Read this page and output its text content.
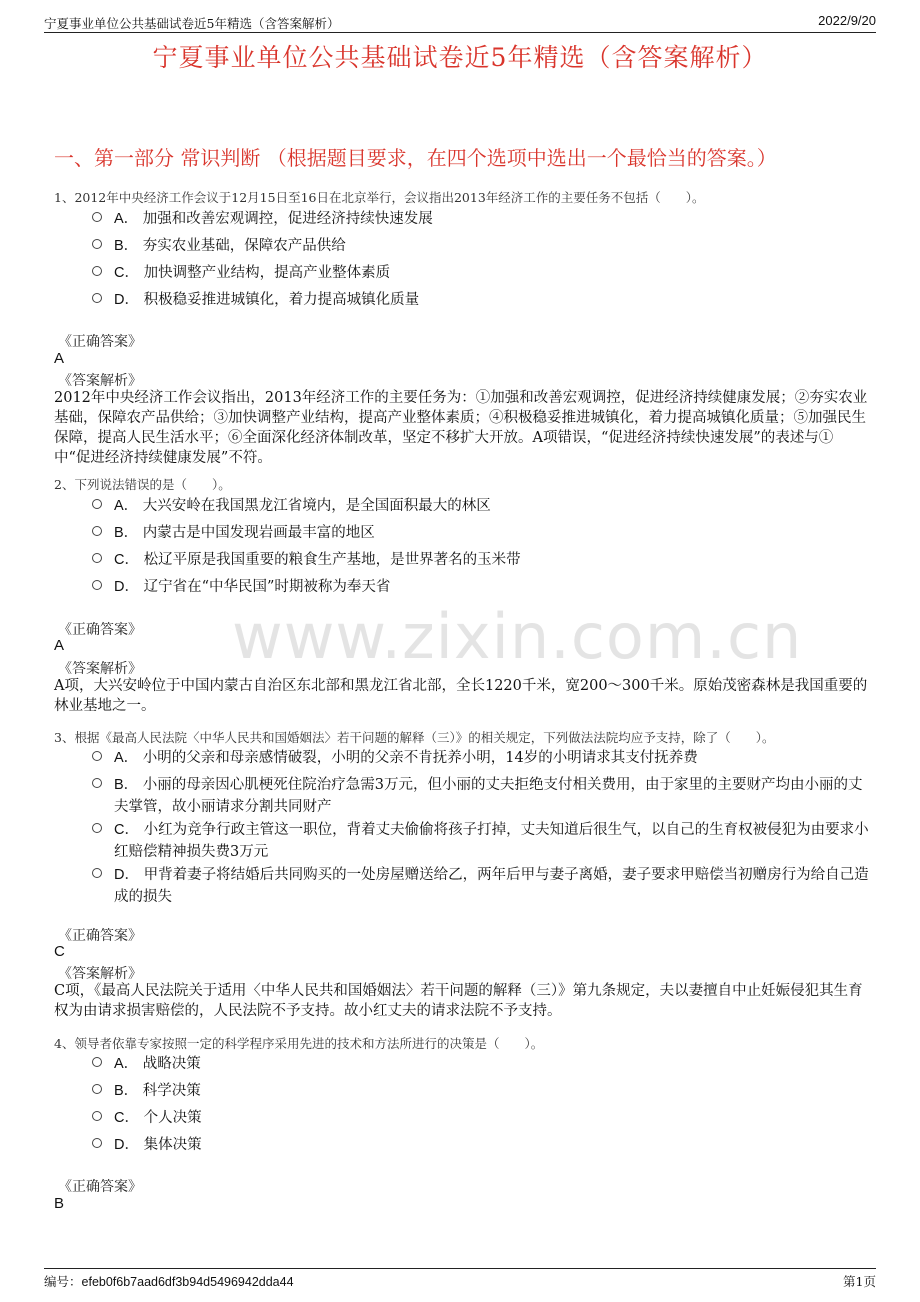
宁夏事业单位公共基础试卷近5年精选（含答案解析）	2022/9/20
宁夏事业单位公共基础试卷近5年精选（含答案解析）
一、第一部分 常识判断 （根据题目要求，在四个选项中选出一个最恰当的答案。）
www.zixin.com.cn
1、2012年中央经济工作会议于12月15日至16日在北京举行，会议指出2013年经济工作的主要任务不包括（　　）。
A． 加强和改善宏观调控，促进经济持续快速发展
B． 夯实农业基础，保障农产品供给
C． 加快调整产业结构，提高产业整体素质
D． 积极稳妥推进城镇化，着力提高城镇化质量
《正确答案》
A
《答案解析》
2012年中央经济工作会议指出，2013年经济工作的主要任务为：①加强和改善宏观调控，促进经济持续健康发展；②夯实农业基础，保障农产品供给；③加快调整产业结构，提高产业整体素质；④积极稳妥推进城镇化，着力提高城镇化质量；⑤加强民生保障，提高人民生活水平；⑥全面深化经济体制改革，坚定不移扩大开放。A项错误，“促进经济持续快速发展”的表述与①中“促进经济持续健康发展”不符。
2、下列说法错误的是（　　）。
A． 大兴安岭在我国黑龙江省境内，是全国面积最大的林区
B． 内蒙古是中国发现岩画最丰富的地区
C． 松辽平原是我国重要的粮食生产基地，是世界著名的玉米带
D． 辽宁省在“中华民国”时期被称为奉天省
《正确答案》
A
《答案解析》
A项，大兴安岭位于中国内蒙古自治区东北部和黑龙江省北部，全长1220千米，宽200～300千米。原始茂密森林是我国重要的林业基地之一。
3、根据《最高人民法院〈中华人民共和国婚姻法〉若干问题的解释（三）》的相关规定，下列做法法院均应予支持，除了（　　）。
A． 小明的父亲和母亲感情破裂，小明的父亲不肯抚养小明，14岁的小明请求其支付抚养费
B． 小丽的母亲因心肌梗死住院治疗急需3万元，但小丽的丈夫拒绝支付相关费用，由于家里的主要财产均由小丽的丈夫掌管，故小丽请求分割共同财产
C． 小红为竞争行政主管这一职位，背着丈夫偷偷将孩子打掉，丈夫知道后很生气，以自己的生育权被侵犯为由要求小红赔偿精神损失费3万元
D． 甲背着妻子将结婚后共同购买的一处房屋赠送给乙，两年后甲与妻子离婚，妻子要求甲赔偿当初赠房行为给自己造成的损失
《正确答案》
C
《答案解析》
C项，《最高人民法院关于适用〈中华人民共和国婚姻法〉若干问题的解释（三）》第九条规定，夫以妻擅自中止妊娠侵犯其生育权为由请求损害赔偿的，人民法院不予支持。故小红丈夫的请求法院不予支持。
4、领导者依靠专家按照一定的科学程序采用先进的技术和方法所进行的决策是（　　）。
A． 战略决策
B． 科学决策
C． 个人决策
D． 集体决策
《正确答案》
B
编号：efeb0f6b7aad6df3b94d5496942dda44	第1页
